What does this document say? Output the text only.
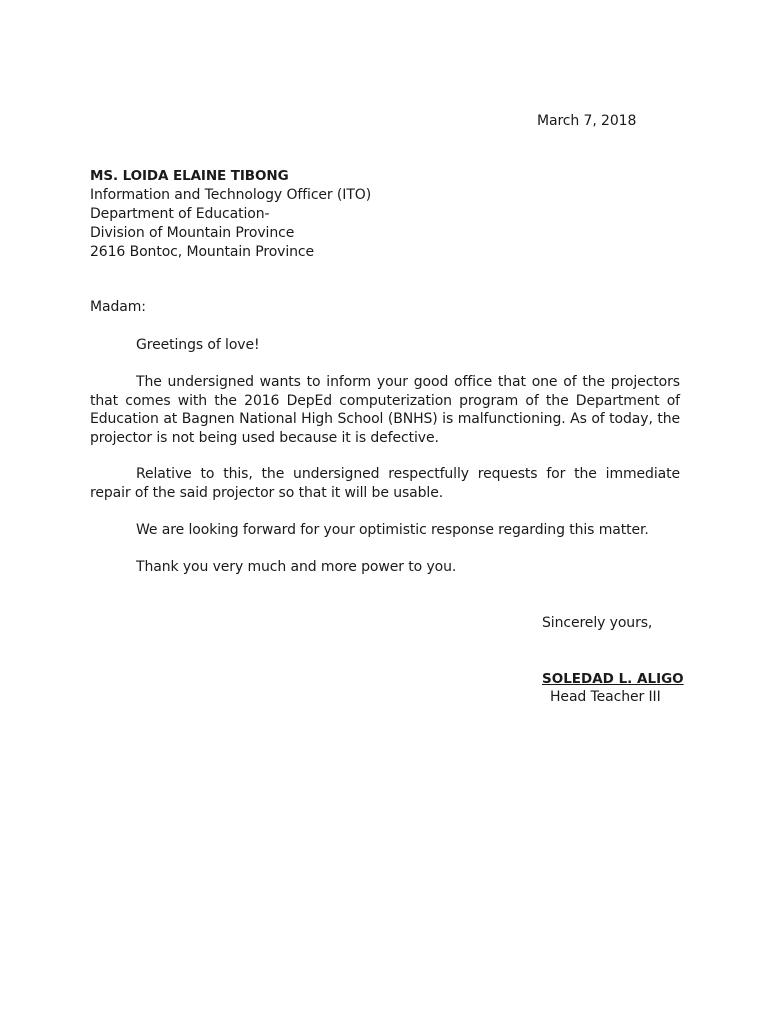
March 7, 2018
MS. LOIDA ELAINE TIBONG
Information and Technology Officer (ITO)
Department of Education-
Division of Mountain Province
2616 Bontoc, Mountain Province
Madam:
Greetings of love!
The undersigned wants to inform your good office that one of the projectors that comes with the 2016 DepEd computerization program of the Department of Education at Bagnen National High School (BNHS) is malfunctioning. As of today, the projector is not being used because it is defective.
Relative to this, the undersigned respectfully requests for the immediate repair of the said projector so that it will be usable.
We are looking forward for your optimistic response regarding this matter.
Thank you very much and more power to you.
Sincerely yours,
SOLEDAD L. ALIGO
Head Teacher III
